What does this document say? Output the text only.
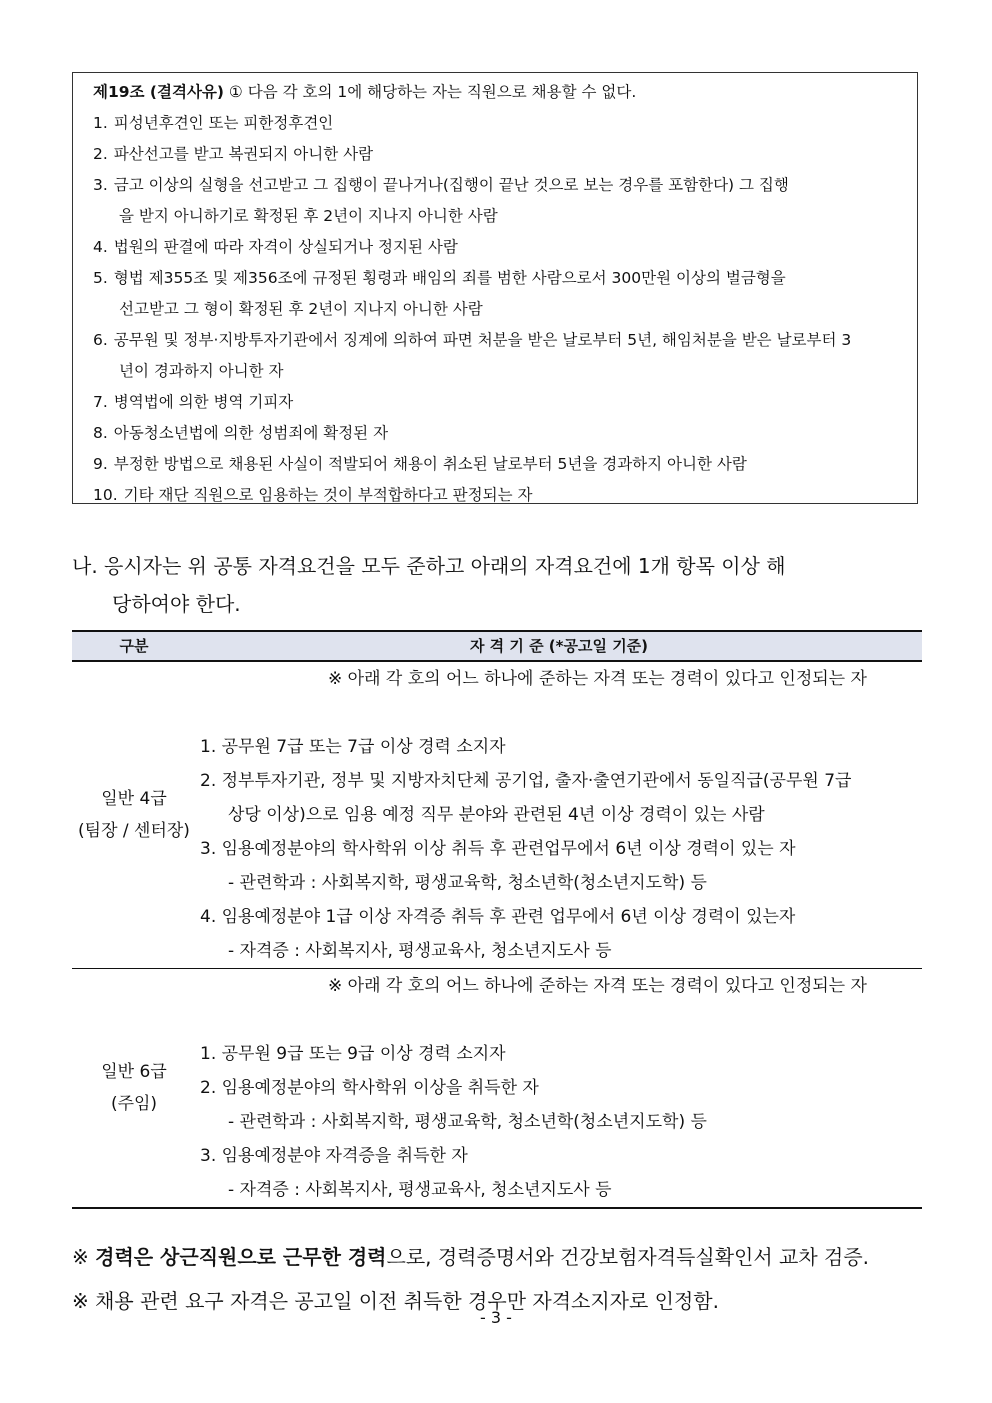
제19조 (결격사유) ① 다음 각 호의 1에 해당하는 자는 직원으로 채용할 수 없다.
1. 피성년후견인 또는 피한정후견인
2. 파산선고를 받고 복권되지 아니한 사람
3. 금고 이상의 실형을 선고받고 그 집행이 끝나거나(집행이 끝난 것으로 보는 경우를 포함한다) 그 집행
을 받지 아니하기로 확정된 후 2년이 지나지 아니한 사람
4. 법원의 판결에 따라 자격이 상실되거나 정지된 사람
5. 형법 제355조 및 제356조에 규정된 횡령과 배임의 죄를 범한 사람으로서 300만원 이상의 벌금형을
선고받고 그 형이 확정된 후 2년이 지나지 아니한 사람
6. 공무원 및 정부·지방투자기관에서 징계에 의하여 파면 처분을 받은 날로부터 5년, 해임처분을 받은 날로부터 3
년이 경과하지 아니한 자
7. 병역법에 의한 병역 기피자
8. 아동청소년법에 의한 성범죄에 확정된 자
9. 부정한 방법으로 채용된 사실이 적발되어 채용이 취소된 날로부터 5년을 경과하지 아니한 사람
10. 기타 재단 직원으로 임용하는 것이 부적합하다고 판정되는 자
나. 응시자는 위 공통 자격요건을 모두 준하고 아래의 자격요건에 1개 항목 이상 해
당하여야 한다.
구분	자 격 기 준 (*공고일 기준)
일반 4급
(팀장 / 센터장)
※ 아래 각 호의 어느 하나에 준하는 자격 또는 경력이 있다고 인정되는 자
1. 공무원 7급 또는 7급 이상 경력 소지자
2. 정부투자기관, 정부 및 지방자치단체 공기업, 출자·출연기관에서 동일직급(공무원 7급
상당 이상)으로 임용 예정 직무 분야와 관련된 4년 이상 경력이 있는 사람
3. 임용예정분야의 학사학위 이상 취득 후 관련업무에서 6년 이상 경력이 있는 자
- 관련학과 : 사회복지학, 평생교육학, 청소년학(청소년지도학) 등
4. 임용예정분야 1급 이상 자격증 취득 후 관련 업무에서 6년 이상 경력이 있는자
- 자격증 : 사회복지사, 평생교육사, 청소년지도사 등
일반 6급
(주임)
※ 아래 각 호의 어느 하나에 준하는 자격 또는 경력이 있다고 인정되는 자
1. 공무원 9급 또는 9급 이상 경력 소지자
2. 임용예정분야의 학사학위 이상을 취득한 자
- 관련학과 : 사회복지학, 평생교육학, 청소년학(청소년지도학) 등
3. 임용예정분야 자격증을 취득한 자
- 자격증 : 사회복지사, 평생교육사, 청소년지도사 등
※ 경력은 상근직원으로 근무한 경력으로, 경력증명서와 건강보험자격득실확인서 교차 검증.
※ 채용 관련 요구 자격은 공고일 이전 취득한 경우만 자격소지자로 인정함.
- 3 -
